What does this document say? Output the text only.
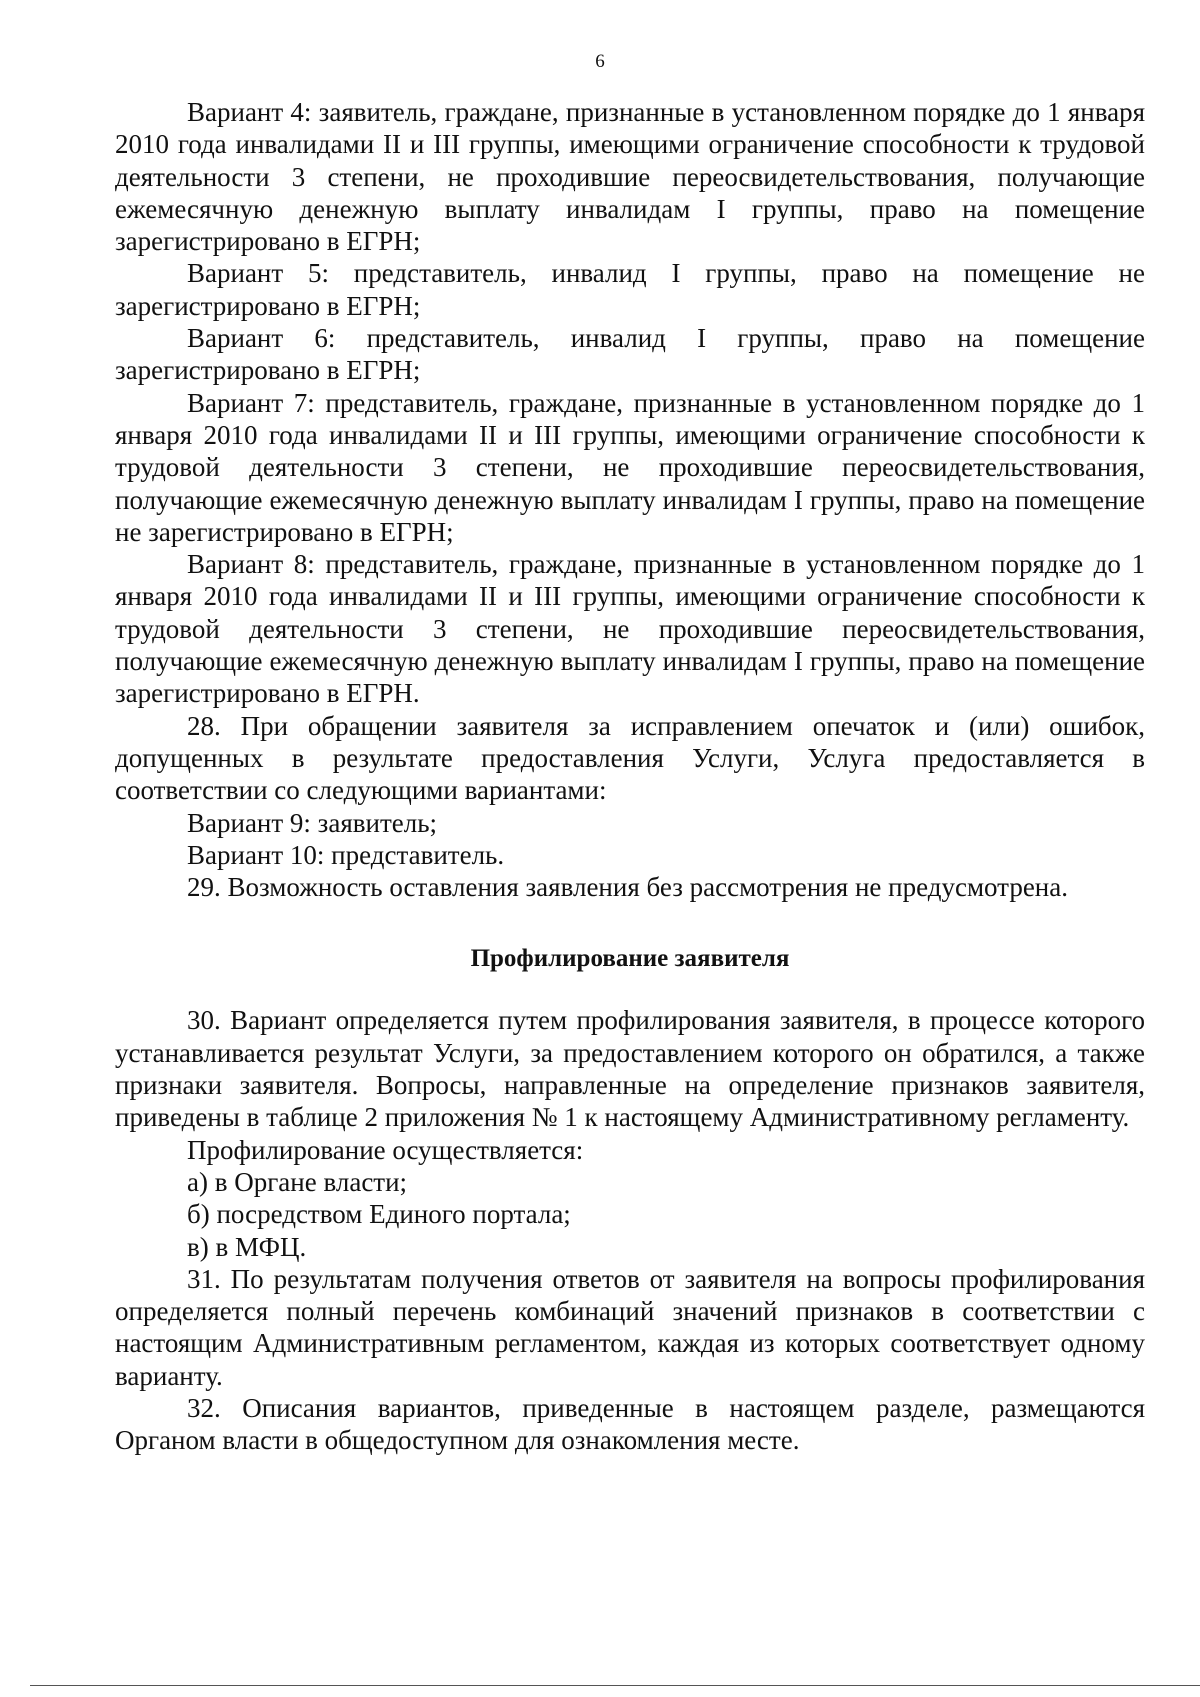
6

Вариант 4: заявитель, граждане, признанные в установленном порядке до 1 января 2010 года инвалидами II и III группы, имеющими ограничение способности к трудовой деятельности 3 степени, не проходившие переосвидетельствования, получающие ежемесячную денежную выплату инвалидам I группы, право на помещение зарегистрировано в ЕГРН;

Вариант 5: представитель, инвалид I группы, право на помещение не зарегистрировано в ЕГРН;

Вариант 6: представитель, инвалид I группы, право на помещение зарегистрировано в ЕГРН;

Вариант 7: представитель, граждане, признанные в установленном порядке до 1 января 2010 года инвалидами II и III группы, имеющими ограничение способности к трудовой деятельности 3 степени, не проходившие переосвидетельствования, получающие ежемесячную денежную выплату инвалидам I группы, право на помещение не зарегистрировано в ЕГРН;

Вариант 8: представитель, граждане, признанные в установленном порядке до 1 января 2010 года инвалидами II и III группы, имеющими ограничение способности к трудовой деятельности 3 степени, не проходившие переосвидетельствования, получающие ежемесячную денежную выплату инвалидам I группы, право на помещение зарегистрировано в ЕГРН.

28. При обращении заявителя за исправлением опечаток и (или) ошибок, допущенных в результате предоставления Услуги, Услуга предоставляется в соответствии со следующими вариантами:

Вариант 9: заявитель;

Вариант 10: представитель.

29. Возможность оставления заявления без рассмотрения не предусмотрена.

Профилирование заявителя

30. Вариант определяется путем профилирования заявителя, в процессе которого устанавливается результат Услуги, за предоставлением которого он обратился, а также признаки заявителя. Вопросы, направленные на определение признаков заявителя, приведены в таблице 2 приложения № 1 к настоящему Административному регламенту.

Профилирование осуществляется:

а) в Органе власти;

б) посредством Единого портала;

в) в МФЦ.

31. По результатам получения ответов от заявителя на вопросы профилирования определяется полный перечень комбинаций значений признаков в соответствии с настоящим Административным регламентом, каждая из которых соответствует одному варианту.

32. Описания вариантов, приведенные в настоящем разделе, размещаются Органом власти в общедоступном для ознакомления месте.
